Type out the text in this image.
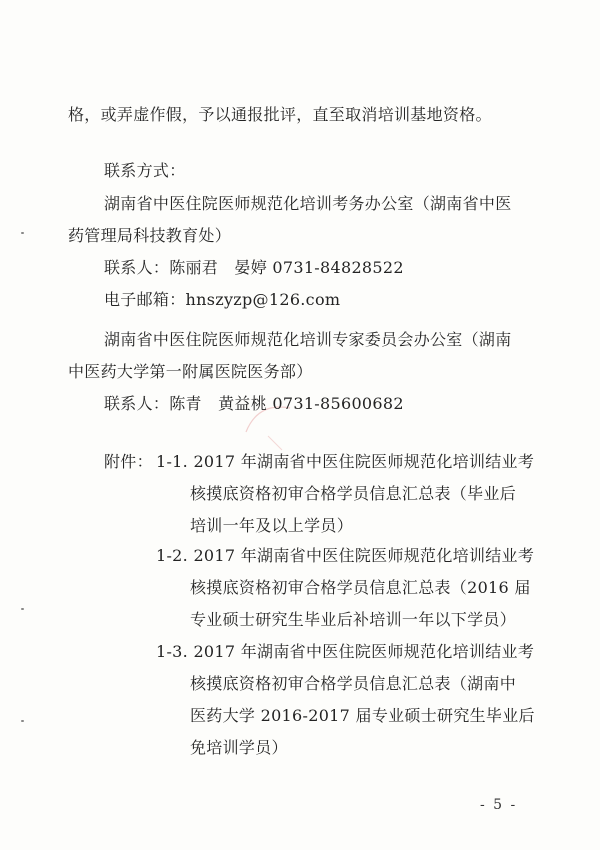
格，或弄虚作假，予以通报批评，直至取消培训基地资格。
联系方式：
湖南省中医住院医师规范化培训考务办公室（湖南省中医
药管理局科技教育处）
联系人：陈丽君　晏婷 0731-84828522
电子邮箱：hnszyzp@126.com
湖南省中医住院医师规范化培训专家委员会办公室（湖南
中医药大学第一附属医院医务部）
联系人：陈青　黄益桃 0731-85600682
附件： 1-1. 2017 年湖南省中医住院医师规范化培训结业考
核摸底资格初审合格学员信息汇总表（毕业后
培训一年及以上学员）
1-2. 2017 年湖南省中医住院医师规范化培训结业考
核摸底资格初审合格学员信息汇总表（2016 届
专业硕士研究生毕业后补培训一年以下学员）
1-3. 2017 年湖南省中医住院医师规范化培训结业考
核摸底资格初审合格学员信息汇总表（湖南中
医药大学 2016-2017 届专业硕士研究生毕业后
免培训学员）
- 5 -
